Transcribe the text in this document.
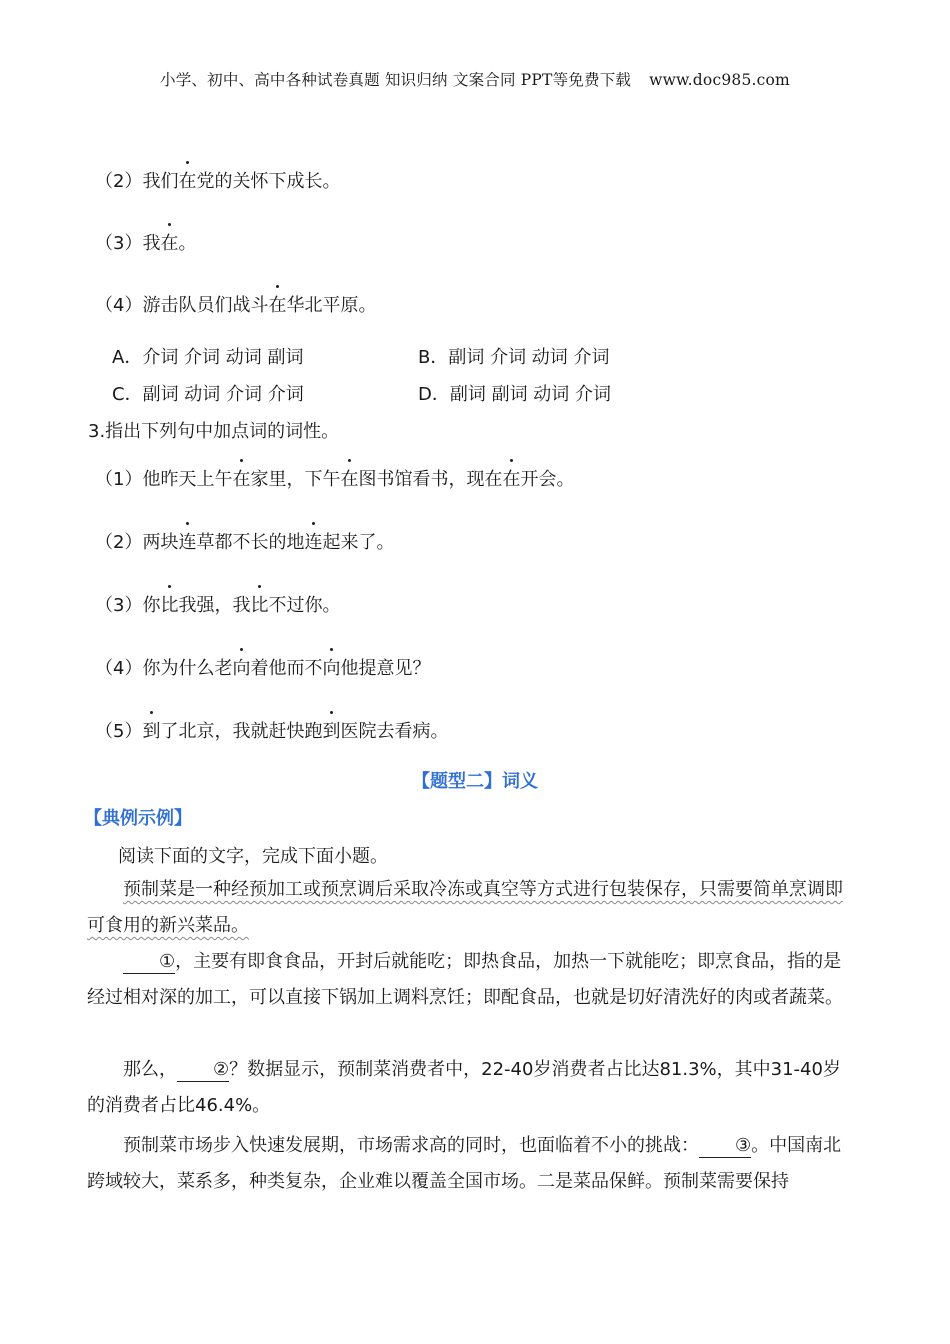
小学、初中、高中各种试卷真题 知识归纳 文案合同 PPT等免费下载 www.doc985.com
（2）我们在党的关怀下成长。
（3）我在。
（4）游击队员们战斗在华北平原。
A．介词 介词 动词 副词	B．副词 介词 动词 介词
C．副词 动词 介词 介词	D．副词 副词 动词 介词
3.指出下列句中加点词的词性。
（1）他昨天上午在家里，下午在图书馆看书，现在在开会。
（2）两块连草都不长的地连起来了。
（3）你比我强，我比不过你。
（4）你为什么老向着他而不向他提意见？
（5）到了北京，我就赶快跑到医院去看病。
【题型二】词义
【典例示例】
阅读下面的文字，完成下面小题。
预制菜是一种经预加工或预烹调后采取冷冻或真空等方式进行包装保存，只需要简单烹调即可食用的新兴菜品。
①，主要有即食食品，开封后就能吃；即热食品，加热一下就能吃；即烹食品，指的是经过相对深的加工，可以直接下锅加上调料烹饪；即配食品，也就是切好清洗好的肉或者蔬菜。
那么， ②？数据显示，预制菜消费者中，22-40岁消费者占比达81.3%，其中31-40岁的消费者占比46.4%。
预制菜市场步入快速发展期，市场需求高的同时，也面临着不小的挑战： ③。中国南北跨域较大，菜系多，种类复杂，企业难以覆盖全国市场。二是菜品保鲜。预制菜需要保持
